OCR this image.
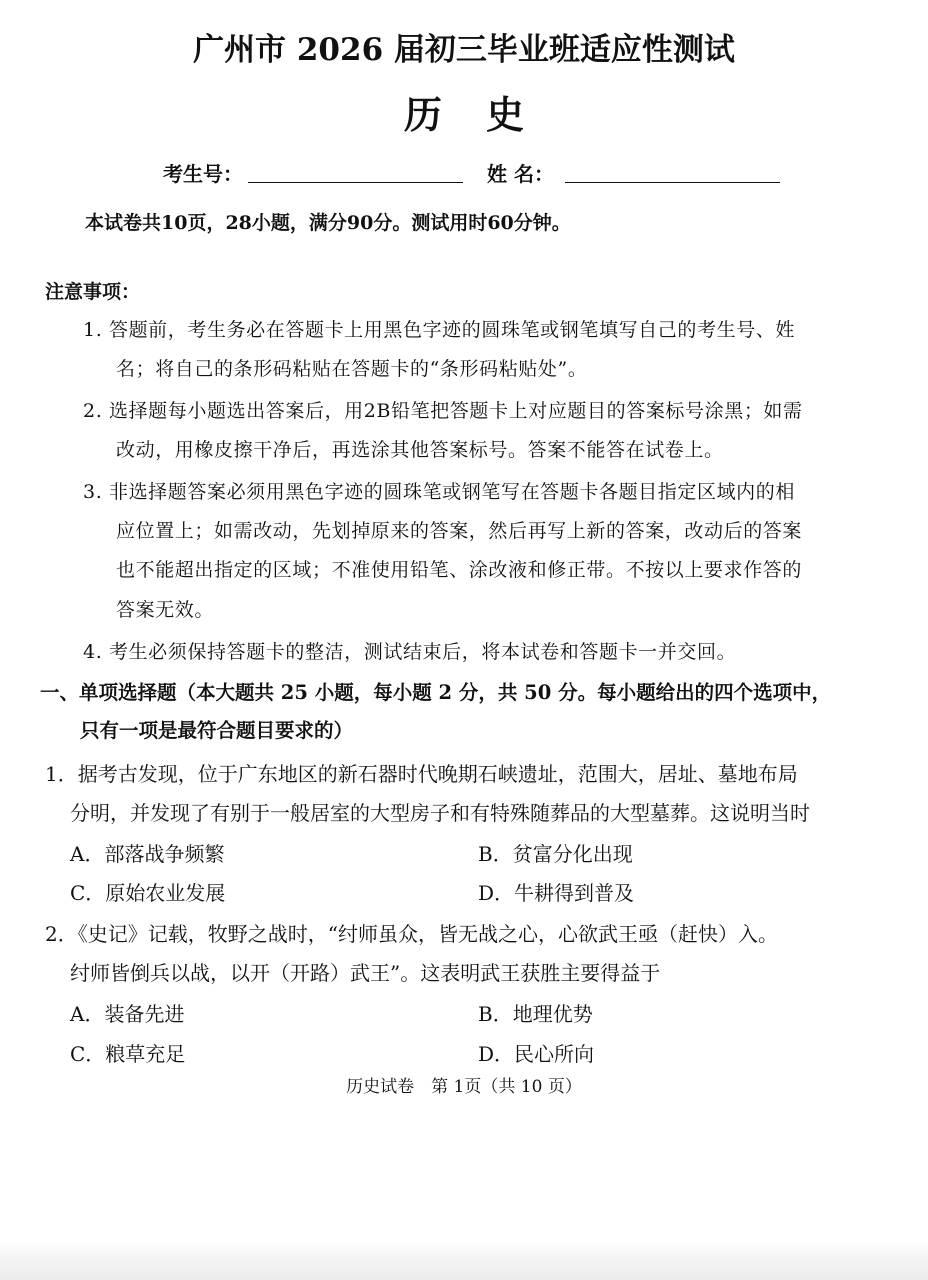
广州市 2026 届初三毕业班适应性测试
历史
考生号：	姓 名：
本试卷共10页，28小题，满分90分。测试用时60分钟。
注意事项：
1. 答题前，考生务必在答题卡上用黑色字迹的圆珠笔或钢笔填写自己的考生号、姓
名；将自己的条形码粘贴在答题卡的“条形码粘贴处”。
2. 选择题每小题选出答案后，用2B铅笔把答题卡上对应题目的答案标号涂黑；如需
改动，用橡皮擦干净后，再选涂其他答案标号。答案不能答在试卷上。
3. 非选择题答案必须用黑色字迹的圆珠笔或钢笔写在答题卡各题目指定区域内的相
应位置上；如需改动，先划掉原来的答案，然后再写上新的答案，改动后的答案
也不能超出指定的区域；不准使用铅笔、涂改液和修正带。不按以上要求作答的
答案无效。
4. 考生必须保持答题卡的整洁，测试结束后，将本试卷和答题卡一并交回。
一、单项选择题（本大题共 25 小题，每小题 2 分，共 50 分。每小题给出的四个选项中，
只有一项是最符合题目要求的）
1．据考古发现，位于广东地区的新石器时代晚期石峡遗址，范围大，居址、墓地布局
分明，并发现了有别于一般居室的大型房子和有特殊随葬品的大型墓葬。这说明当时
A．部落战争频繁	B．贫富分化出现
C．原始农业发展	D．牛耕得到普及
2．《史记》记载，牧野之战时，“纣师虽众，皆无战之心，心欲武王亟（赶快）入。
纣师皆倒兵以战，以开（开路）武王”。这表明武王获胜主要得益于
A．装备先进	B．地理优势
C．粮草充足	D．民心所向
历史试卷　第 1页（共 10 页）
